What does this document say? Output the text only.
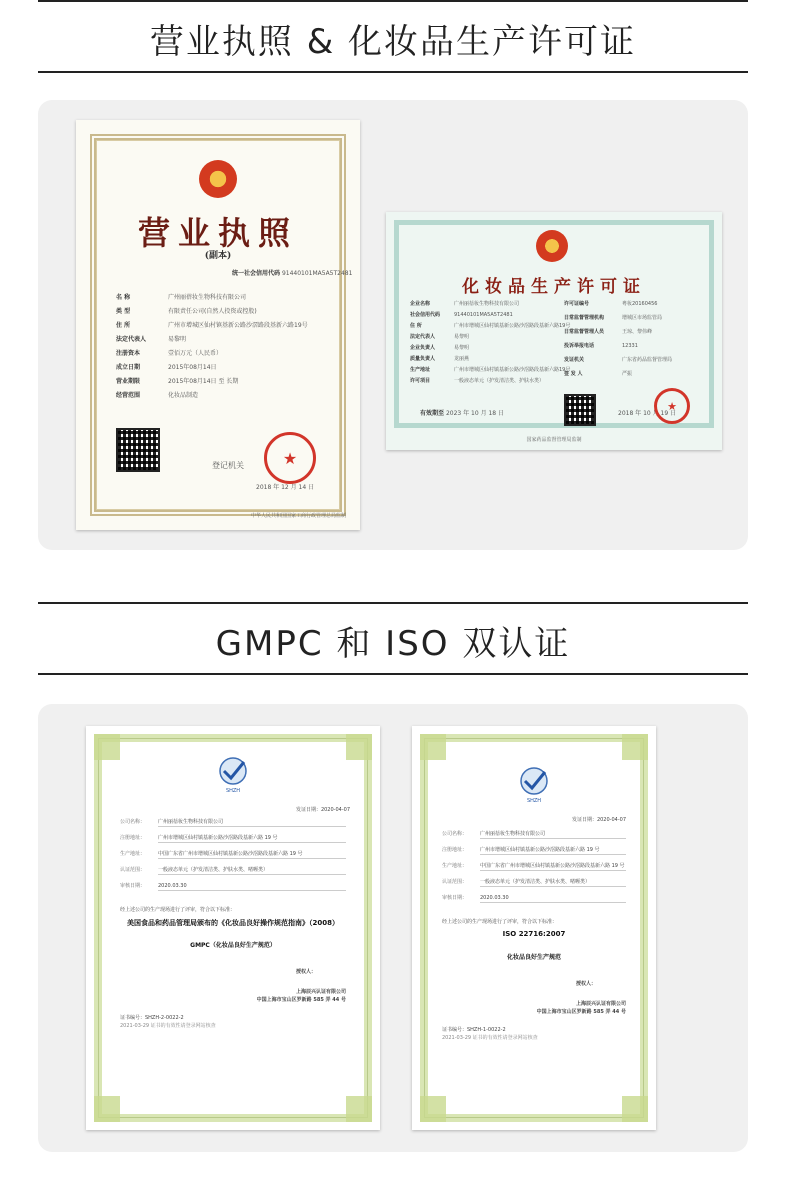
营业执照 & 化妆品生产许可证
营业执照
(副本)
统一社会信用代码 91440101MA5A5T2481
登记机关	★
2018 年 12 月 14 日
中华人民共和国国家工商行政管理总局监制
名 称	广州丽蓓妆生物科技有限公司
类 型	有限责任公司(自然人投资或控股)
住 所	广州市增城区仙村镇基新公路沙滘路段基新六路19号
法定代表人	易黎明
注册资本	壹佰万元（人民币）
成立日期	2015年08月14日
营业期限	2015年08月14日 至 长期
经营范围	化妆品制造
化妆品生产许可证
有效期至 2023 年 10 月 18 日	2018 年 10 月 19 日
★
国家药品监督管理局监制
企业名称	广州丽蓓妆生物科技有限公司
社会信用代码	91440101MA5A5T2481
住 所	广州市增城区仙村镇基新公路沙滘路段基新六路19号
法定代表人	易黎明
企业负责人	易黎明
质量负责人	龙丽燕
生产地址	广州市增城区仙村镇基新公路沙滘路段基新六路19号
许可项目	一般液态单元（护发清洁类、护肤水类）
许可证编号	粤妆20160456
日常监督管理机构	增城区市场监管局
日常监督管理人员	王琼、黎伟峰
投诉举报电话	12331
发证机关	广东省药品监督管理局
签 发 人	严振
GMPC 和 ISO 双认证
SHZH
发证日期：2020-04-07
公司名称：	广州丽蓓妆生物科技有限公司
注册地址：	广州市增城区仙村镇基新公路沙滘路段基新六路 19 号
生产地址：	中国广东省广州市增城区仙村镇基新公路沙滘路段基新六路 19 号
认证范围：	一般液态单元（护发清洁类、护肤水类、啫喱类）
审核日期：	2020.03.30
经上述公司的生产现场进行了评审，符合以下标准：
美国食品和药品管理局颁布的《化妆品良好操作规范指南》（2008）
GMPC（化妆品良好生产规范）
授权人：
上海辰兴认证有限公司
中国上海市宝山区罗新路 585 弄 44 号
证书编号：SHZH-2-0022-2
2021-03-29 证书的有效性请登录网站核查
SHZH
发证日期：2020-04-07
公司名称：	广州丽蓓妆生物科技有限公司
注册地址：	广州市增城区仙村镇基新公路沙滘路段基新六路 19 号
生产地址：	中国广东省广州市增城区仙村镇基新公路沙滘路段基新六路 19 号
认证范围：	一般液态单元（护发清洁类、护肤水类、啫喱类）
审核日期：	2020.03.30
经上述公司的生产现场进行了评审，符合以下标准：
ISO 22716:2007
化妆品良好生产规范
授权人：
上海辰兴认证有限公司
中国上海市宝山区罗新路 585 弄 44 号
证书编号：SHZH-1-0022-2
2021-03-29 证书的有效性请登录网站核查
